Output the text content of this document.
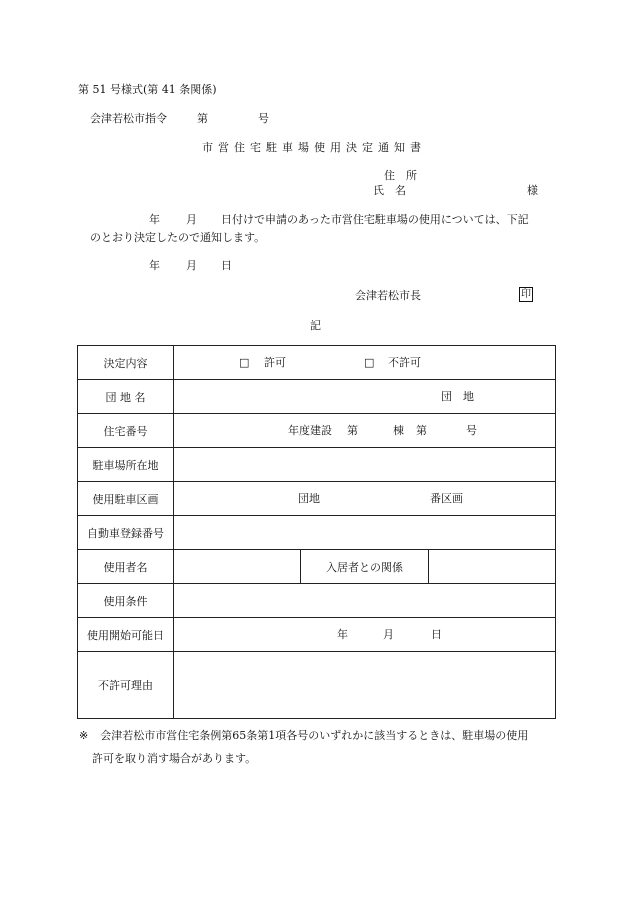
第 51 号様式(第 41 条関係)
会津若松市指令	第	号
市営住宅駐車場使用決定通知書
住　所
氏　名	様
年 月 日付けで申請のあった市営住宅駐車場の使用については、下記
のとおり決定したので通知します。
年 月 日
会津若松市長	印
記
決定内容	□ 許可 □ 不許可		

団 地 名	団　地		

住宅番号	年度建設 第 棟 第 号		

駐車場所在地			
使用駐車区画	団地 番区画		

自動車登録番号			
使用者名		入居者との関係	
使用条件			
使用開始可能日	年 月 日		

不許可理由			
※ 会津若松市市営住宅条例第65条第1項各号のいずれかに該当するときは、駐車場の使用
許可を取り消す場合があります。
